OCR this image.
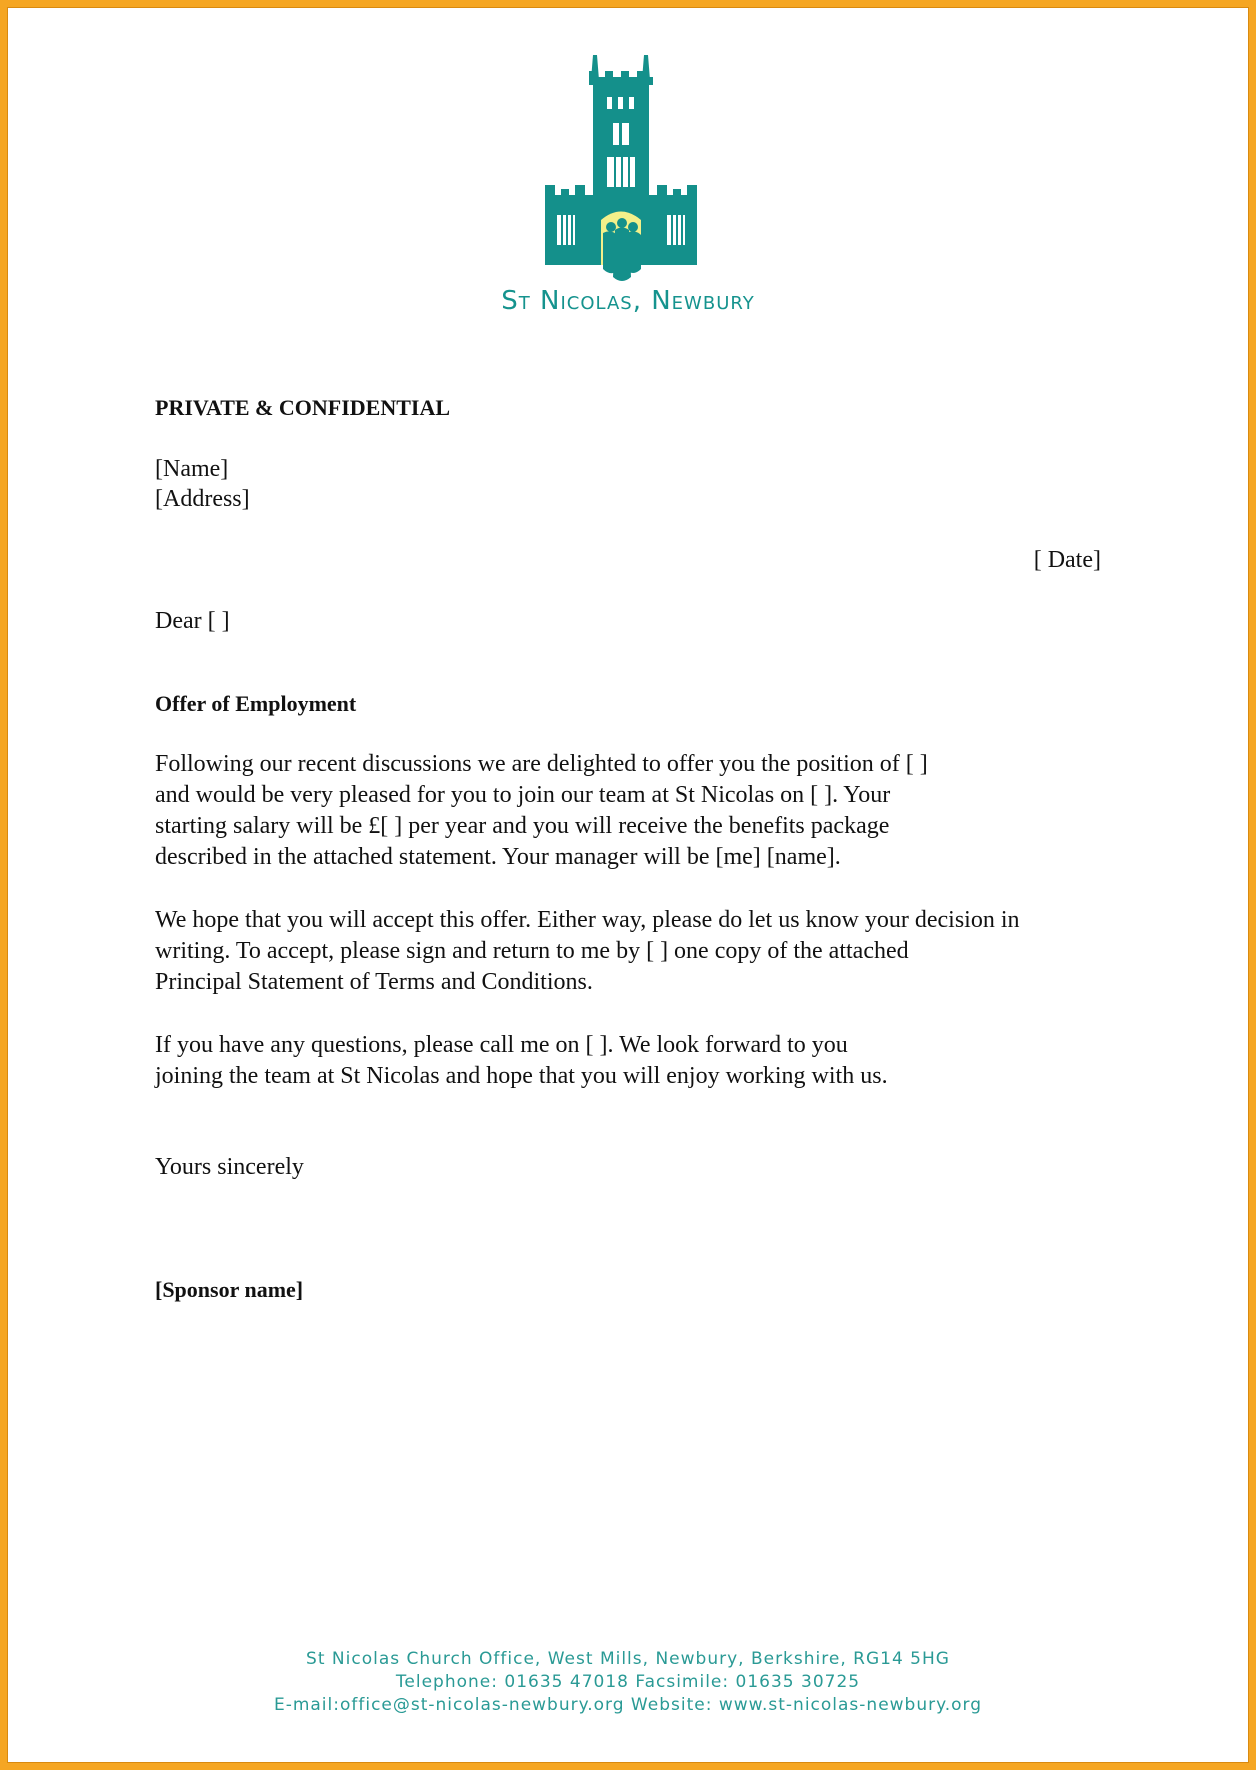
St Nicolas, Newbury
PRIVATE & CONFIDENTIAL
[Name]
[Address]
[ Date]
Dear [ ]
Offer of Employment
Following our recent discussions we are delighted to offer you the position of [ ]
and would be very pleased for you to join our team at St Nicolas on [ ]. Your
starting salary will be £[ ] per year and you will receive the benefits package
described in the attached statement. Your manager will be [me] [name].
We hope that you will accept this offer. Either way, please do let us know your decision in
writing. To accept, please sign and return to me by [ ] one copy of the attached
Principal Statement of Terms and Conditions.
If you have any questions, please call me on [ ]. We look forward to you
joining the team at St Nicolas and hope that you will enjoy working with us.
Yours sincerely
[Sponsor name]
St Nicolas Church Office, West Mills, Newbury, Berkshire, RG14 5HG
Telephone: 01635 47018 Facsimile: 01635 30725
E-mail:office@st-nicolas-newbury.org Website: www.st-nicolas-newbury.org
